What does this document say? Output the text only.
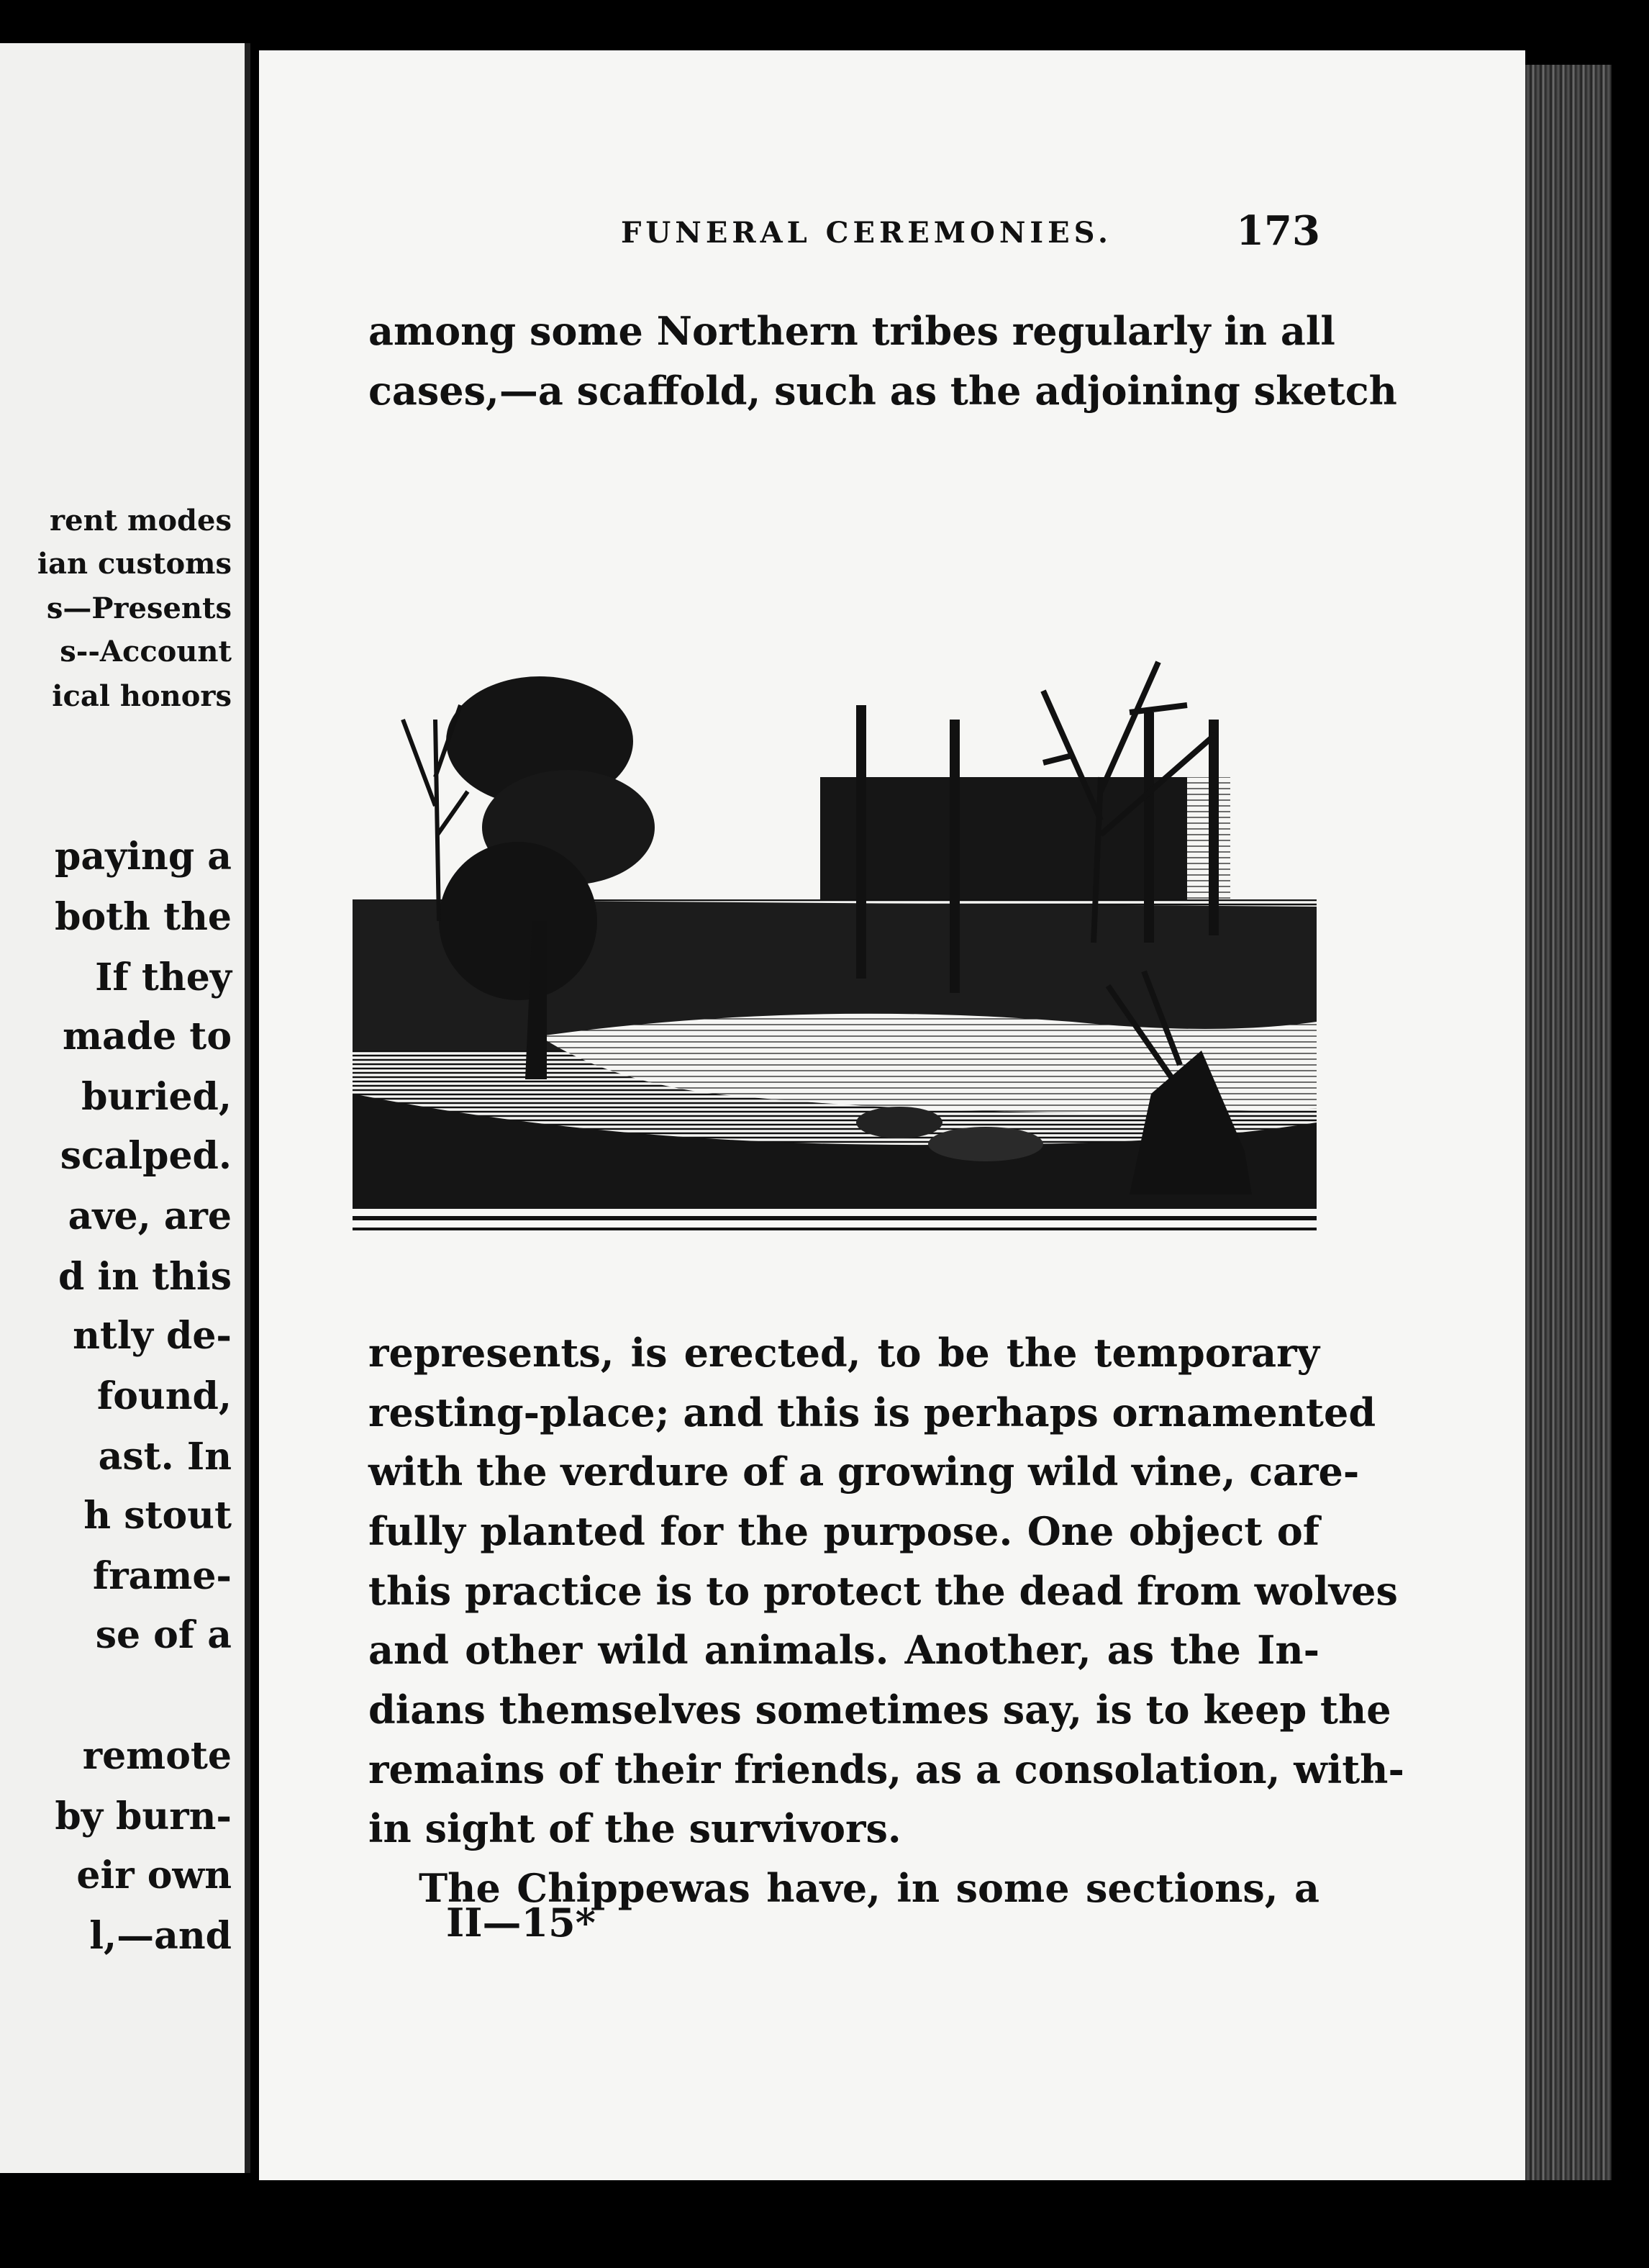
rent modes
ian customs
s—Presents
s--Account
ical honors
paying a
both the
If they
made to
buried,
scalped.
ave, are
d in this
ntly de-
found,
ast. In
h stout
frame-
se of a
remote
by burn-
eir own
l,—and
FUNERAL CEREMONIES.	173
among some Northern tribes regularly in all
cases,—a scaffold, such as the adjoining sketch
represents, is erected, to be the temporary
resting-place; and this is perhaps ornamented
with the verdure of a growing wild vine, care-
fully planted for the purpose. One object of
this practice is to protect the dead from wolves
and other wild animals. Another, as the In-
dians themselves sometimes say, is to keep the
remains of their friends, as a consolation, with-
in sight of the survivors.
The Chippewas have, in some sections, a
II—15*
